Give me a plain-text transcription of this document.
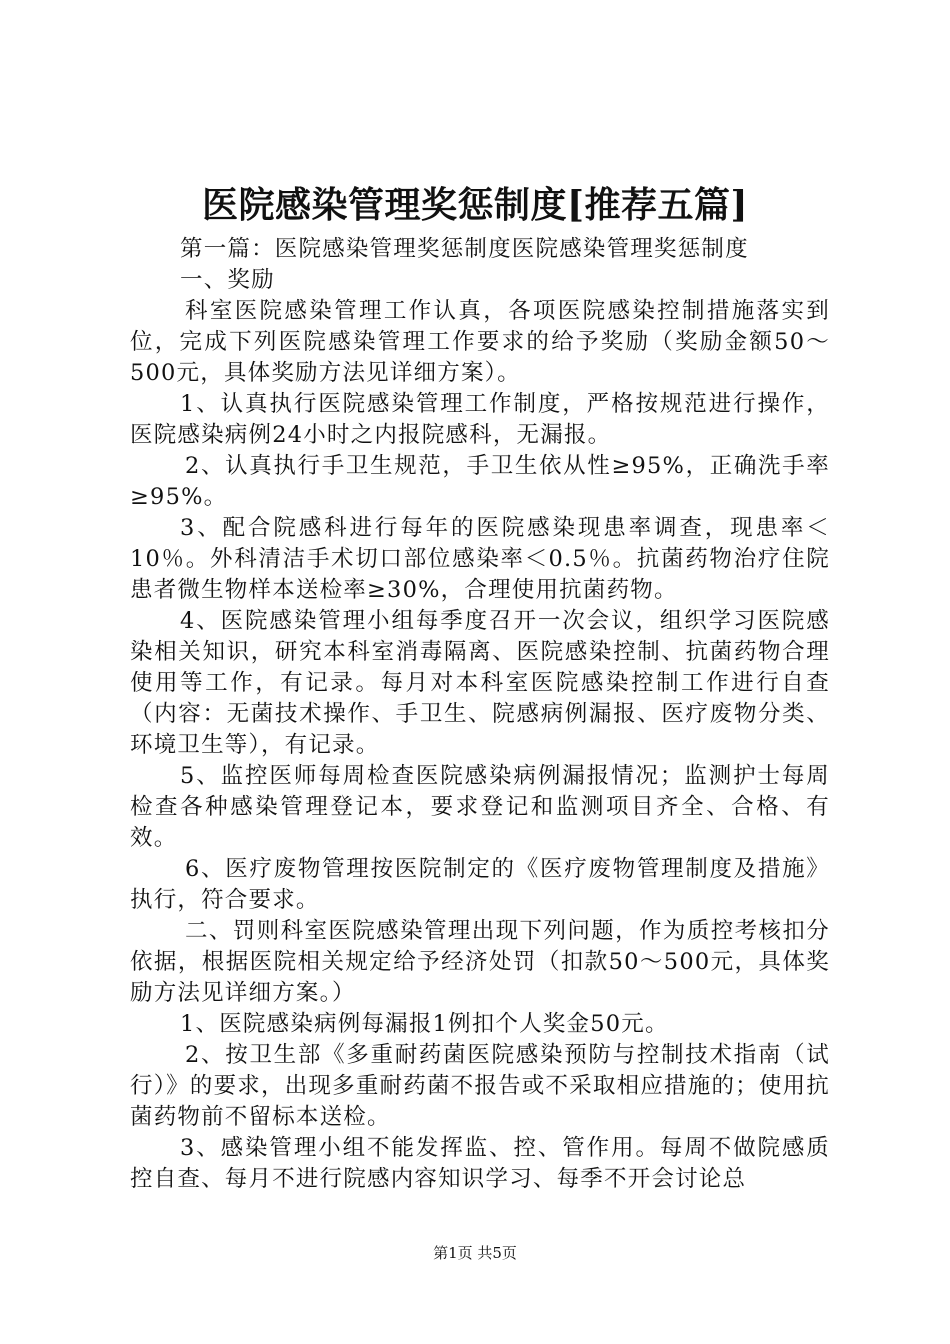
医院感染管理奖惩制度[推荐五篇]

第一篇：医院感染管理奖惩制度医院感染管理奖惩制度

一、奖励

科室医院感染管理工作认真，各项医院感染控制措施落实到位，完成下列医院感染管理工作要求的给予奖励（奖励金额50～500元，具体奖励方法见详细方案）。

1、认真执行医院感染管理工作制度，严格按规范进行操作，医院感染病例24小时之内报院感科，无漏报。

2、认真执行手卫生规范，手卫生依从性≥95%，正确洗手率≥95%。

3、配合院感科进行每年的医院感染现患率调查，现患率＜10％。外科清洁手术切口部位感染率＜0.5％。抗菌药物治疗住院患者微生物样本送检率≥30%，合理使用抗菌药物。

4、医院感染管理小组每季度召开一次会议，组织学习医院感染相关知识，研究本科室消毒隔离、医院感染控制、抗菌药物合理使用等工作，有记录。每月对本科室医院感染控制工作进行自查（内容：无菌技术操作、手卫生、院感病例漏报、医疗废物分类、环境卫生等），有记录。

5、监控医师每周检查医院感染病例漏报情况；监测护士每周检查各种感染管理登记本，要求登记和监测项目齐全、合格、有效。

6、医疗废物管理按医院制定的《医疗废物管理制度及措施》执行，符合要求。

二、罚则科室医院感染管理出现下列问题，作为质控考核扣分依据，根据医院相关规定给予经济处罚（扣款50～500元，具体奖励方法见详细方案。）

1、医院感染病例每漏报1例扣个人奖金50元。

2、按卫生部《多重耐药菌医院感染预防与控制技术指南（试行）》的要求，出现多重耐药菌不报告或不采取相应措施的；使用抗菌药物前不留标本送检。

3、感染管理小组不能发挥监、控、管作用。每周不做院感质控自查、每月不进行院感内容知识学习、每季不开会讨论总

第1页 共5页
